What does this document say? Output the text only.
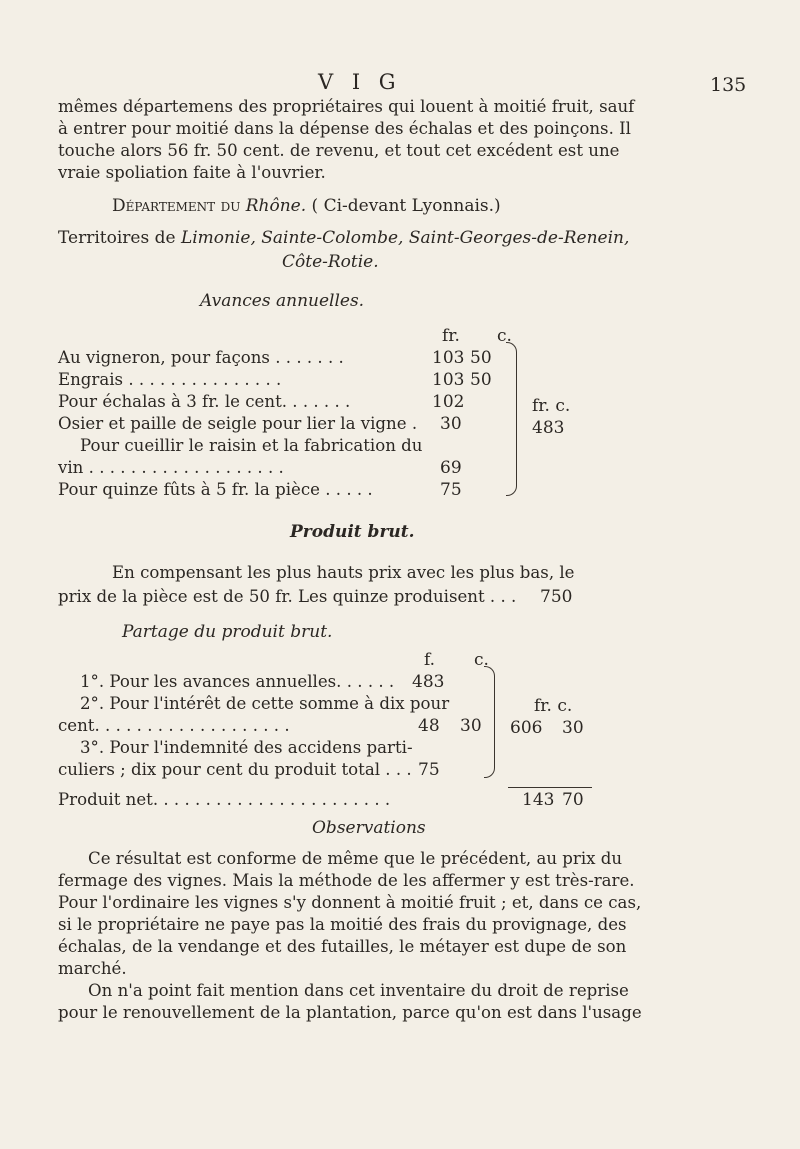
V I G	135
mêmes départemens des propriétaires qui louent à moitié fruit, sauf
à entrer pour moitié dans la dépense des échalas et des poinçons. Il
touche alors 56 fr. 50 cent. de revenu, et tout cet excédent est une
vraie spoliation faite à l'ouvrier.
Département du Rhône. ( Ci-devant Lyonnais.)
Territoires de Limonie, Sainte-Colombe, Saint-Georges-de-Renein,
Côte-Rotie.
Avances annuelles.
fr. c.
Au vigneron, pour façons . . . . . . .	103 50
Engrais . . . . . . . . . . . . . . .	103 50
Pour échalas à 3 fr. le cent. . . . . . .	102
Osier et paille de seigle pour lier la vigne . 30
Pour cueillir le raisin et la fabrication du
vin . . . . . . . . . . . . . . . . . . .	69
Pour quinze fûts à 5 fr. la pièce . . . . .	75
fr. c.
483
Produit brut.
En compensant les plus hauts prix avec les plus bas, le
prix de la pièce est de 50 fr. Les quinze produisent . . . 750
Partage du produit brut.
f. c.
1°. Pour les avances annuelles. . . . . . 483
2°. Pour l'intérêt de cette somme à dix pour
cent. . . . . . . . . . . . . . . . . . .	48 30
3°. Pour l'indemnité des accidens parti-
culiers ; dix pour cent du produit total . . . 75
fr. c.
606 30
Produit net. . . . . . . . . . . . . . . . . . . . . . .	143 70
Observations
Ce résultat est conforme de même que le précédent, au prix du
fermage des vignes. Mais la méthode de les affermer y est très-rare.
Pour l'ordinaire les vignes s'y donnent à moitié fruit ; et, dans ce cas,
si le propriétaire ne paye pas la moitié des frais du provignage, des
échalas, de la vendange et des futailles, le métayer est dupe de son
marché.
On n'a point fait mention dans cet inventaire du droit de reprise
pour le renouvellement de la plantation, parce qu'on est dans l'usage
